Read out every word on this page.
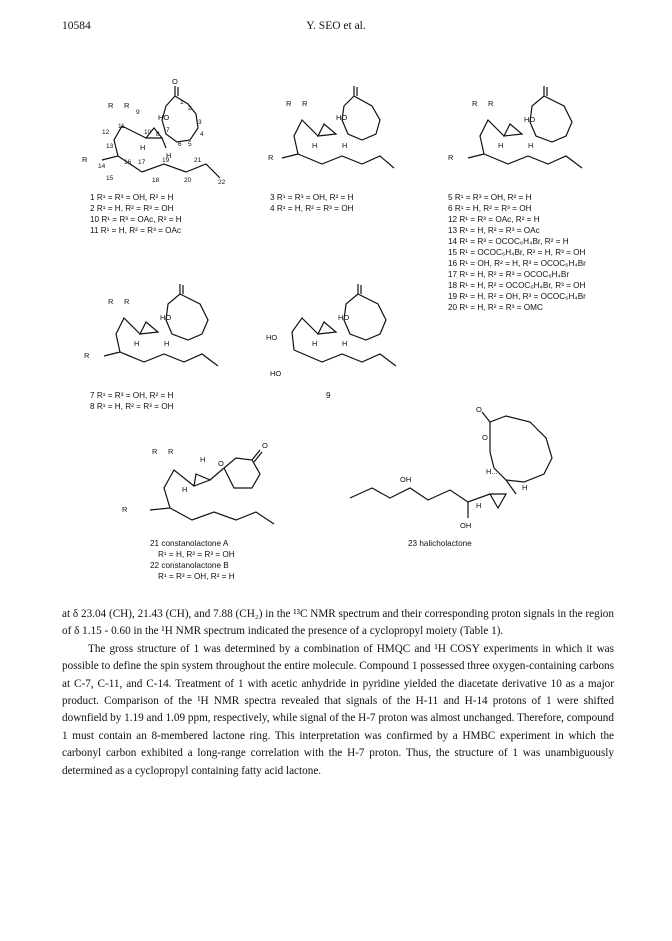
10584	Y. SEO et al.
O
HO
R R
R
H
H
1
2
3
4
5
6
7
8
9
10
11
12
13
14
15
16 17
18
19
20
21
22
R R
R
HO
H	H
R R
R
HO
H	H
R R
R
HO
H	H
HO
HO
HO
H	H
R R
R
O
O
H
H
O
O
H...
H
H
OH
OH
1 R¹ = R³ = OH, R² = H
2 R¹ = H, R² = R³ = OH
10 R¹ = R³ = OAc, R² = H
11 R¹ = H, R² = R³ = OAc
3 R¹ = R³ = OH, R² = H
4 R¹ = H, R² = R³ = OH
5 R¹ = R³ = OH, R² = H
6 R¹ = H, R² = R³ = OH
12 R¹ = R³ = OAc, R² = H
13 R¹ = H, R² = R³ = OAc
14 R¹ = R³ = OCOC₆H₄Br, R² = H
15 R¹ = OCOC₆H₄Br, R² = H, R³ = OH
16 R¹ = OH, R² = H, R³ = OCOC₆H₄Br
17 R¹ = H, R² = R³ = OCOC₆H₄Br
18 R¹ = H, R² = OCOC₆H₄Br, R³ = OH
19 R¹ = H, R² = OH, R³ = OCOC₆H₄Br
20 R¹ = H, R² = R³ = OMC
7 R¹ = R³ = OH, R² = H
8 R¹ = H, R² = R³ = OH
9
21 constanolactone A
R¹ = H, R² = R³ = OH
22 constanolactone B
R¹ = R³ = OH, R² = H
23 halicholactone

at δ 23.04 (CH), 21.43 (CH), and 7.88 (CH₂) in the ¹³C NMR spectrum and their corresponding proton signals in the region of δ 1.15 - 0.60 in the ¹H NMR spectrum indicated the presence of a cyclopropyl moiety (Table 1).

The gross structure of 1 was determined by a combination of HMQC and ¹H COSY experiments in which it was possible to define the spin system throughout the entire molecule. Compound 1 possessed three oxygen-containing carbons at C-7, C-11, and C-14. Treatment of 1 with acetic anhydride in pyridine yielded the diacetate derivative 10 as a major product. Comparison of the ¹H NMR spectra revealed that signals of the H-11 and H-14 protons of 1 were shifted downfield by 1.19 and 1.09 ppm, respectively, while signal of the H-7 proton was almost unchanged. Therefore, compound 1 must contain an 8-membered lactone ring. This interpretation was confirmed by a HMBC experiment in which the carbonyl carbon exhibited a long-range correlation with the H-7 proton. Thus, the structure of 1 was unambiguously determined as a cyclopropyl containing fatty acid lactone.
